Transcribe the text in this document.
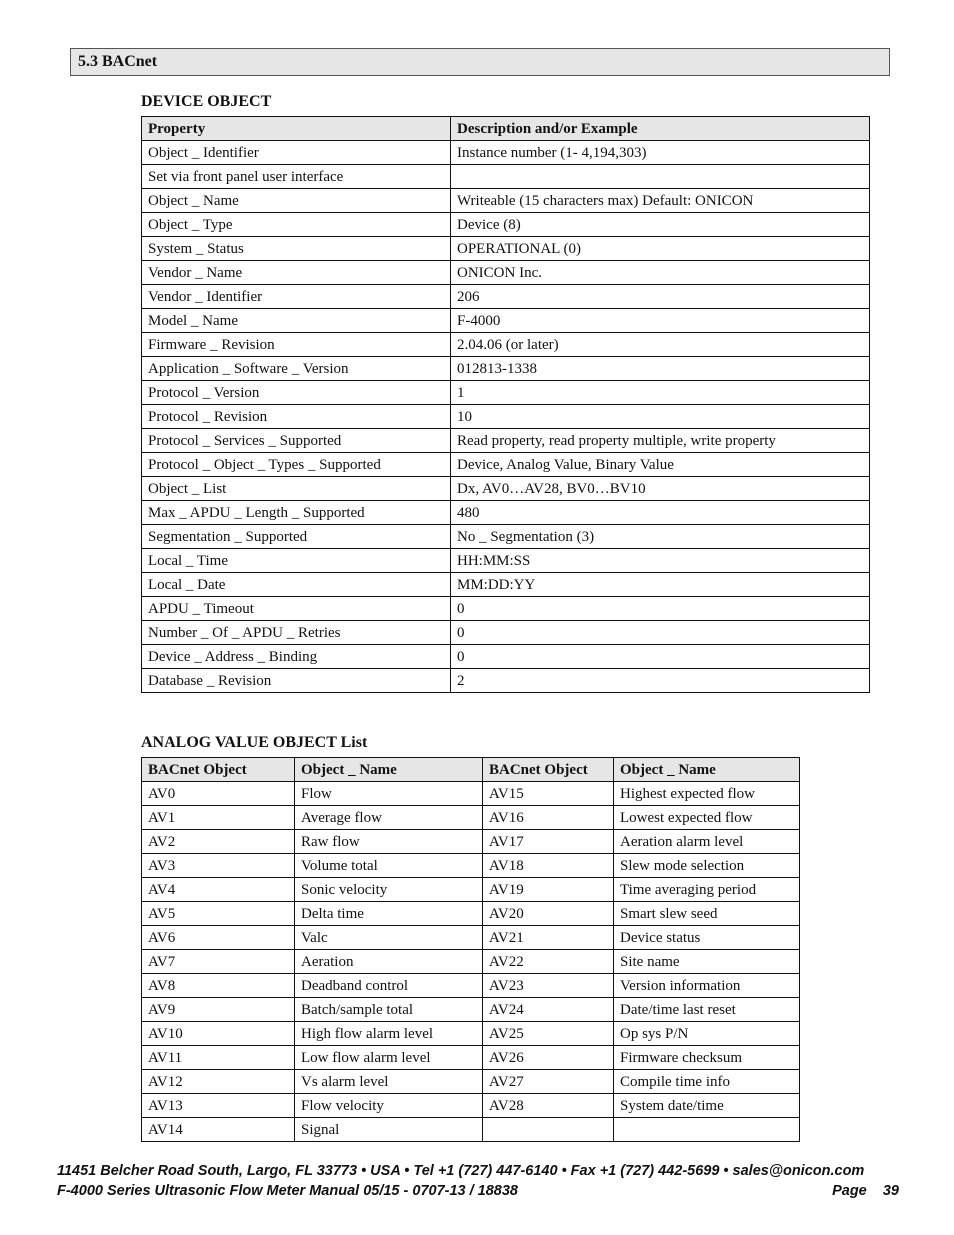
5.3 BACnet
DEVICE OBJECT
Property	Description and/or Example
Object _ Identifier	Instance number (1- 4,194,303)
Set via front panel user interface	
Object _ Name	Writeable (15 characters max) Default: ONICON
Object _ Type	Device (8)
System _ Status	OPERATIONAL (0)
Vendor _ Name	ONICON Inc.
Vendor _ Identifier	206
Model _ Name	F-4000
Firmware _ Revision	2.04.06 (or later)
Application _ Software _ Version	012813-1338
Protocol _ Version	1
Protocol _ Revision	10
Protocol _ Services _ Supported	Read property, read property multiple, write property
Protocol _ Object _ Types _ Supported	Device, Analog Value, Binary Value
Object _ List	Dx, AV0…AV28, BV0…BV10
Max _ APDU _ Length _ Supported	480
Segmentation _ Supported	No _ Segmentation (3)
Local _ Time	HH:MM:SS
Local _ Date	MM:DD:YY
APDU _ Timeout	0
Number _ Of _ APDU _ Retries	0
Device _ Address _ Binding	0
Database _ Revision	2
ANALOG VALUE OBJECT List
BACnet Object	Object _ Name	BACnet Object	Object _ Name
AV0	Flow	AV15	Highest expected flow
AV1	Average flow	AV16	Lowest expected flow
AV2	Raw flow	AV17	Aeration alarm level
AV3	Volume total	AV18	Slew mode selection
AV4	Sonic velocity	AV19	Time averaging period
AV5	Delta time	AV20	Smart slew seed
AV6	Valc	AV21	Device status
AV7	Aeration	AV22	Site name
AV8	Deadband control	AV23	Version information
AV9	Batch/sample total	AV24	Date/time last reset
AV10	High flow alarm level	AV25	Op sys P/N
AV11	Low flow alarm level	AV26	Firmware checksum
AV12	Vs alarm level	AV27	Compile time info
AV13	Flow velocity	AV28	System date/time
AV14	Signal		
11451 Belcher Road South, Largo, FL 33773 • USA • Tel +1 (727) 447-6140 • Fax +1 (727) 442-5699 • sales@onicon.com
F-4000 Series Ultrasonic Flow Meter Manual 05/15 - 0707-13 / 18838	Page    39
